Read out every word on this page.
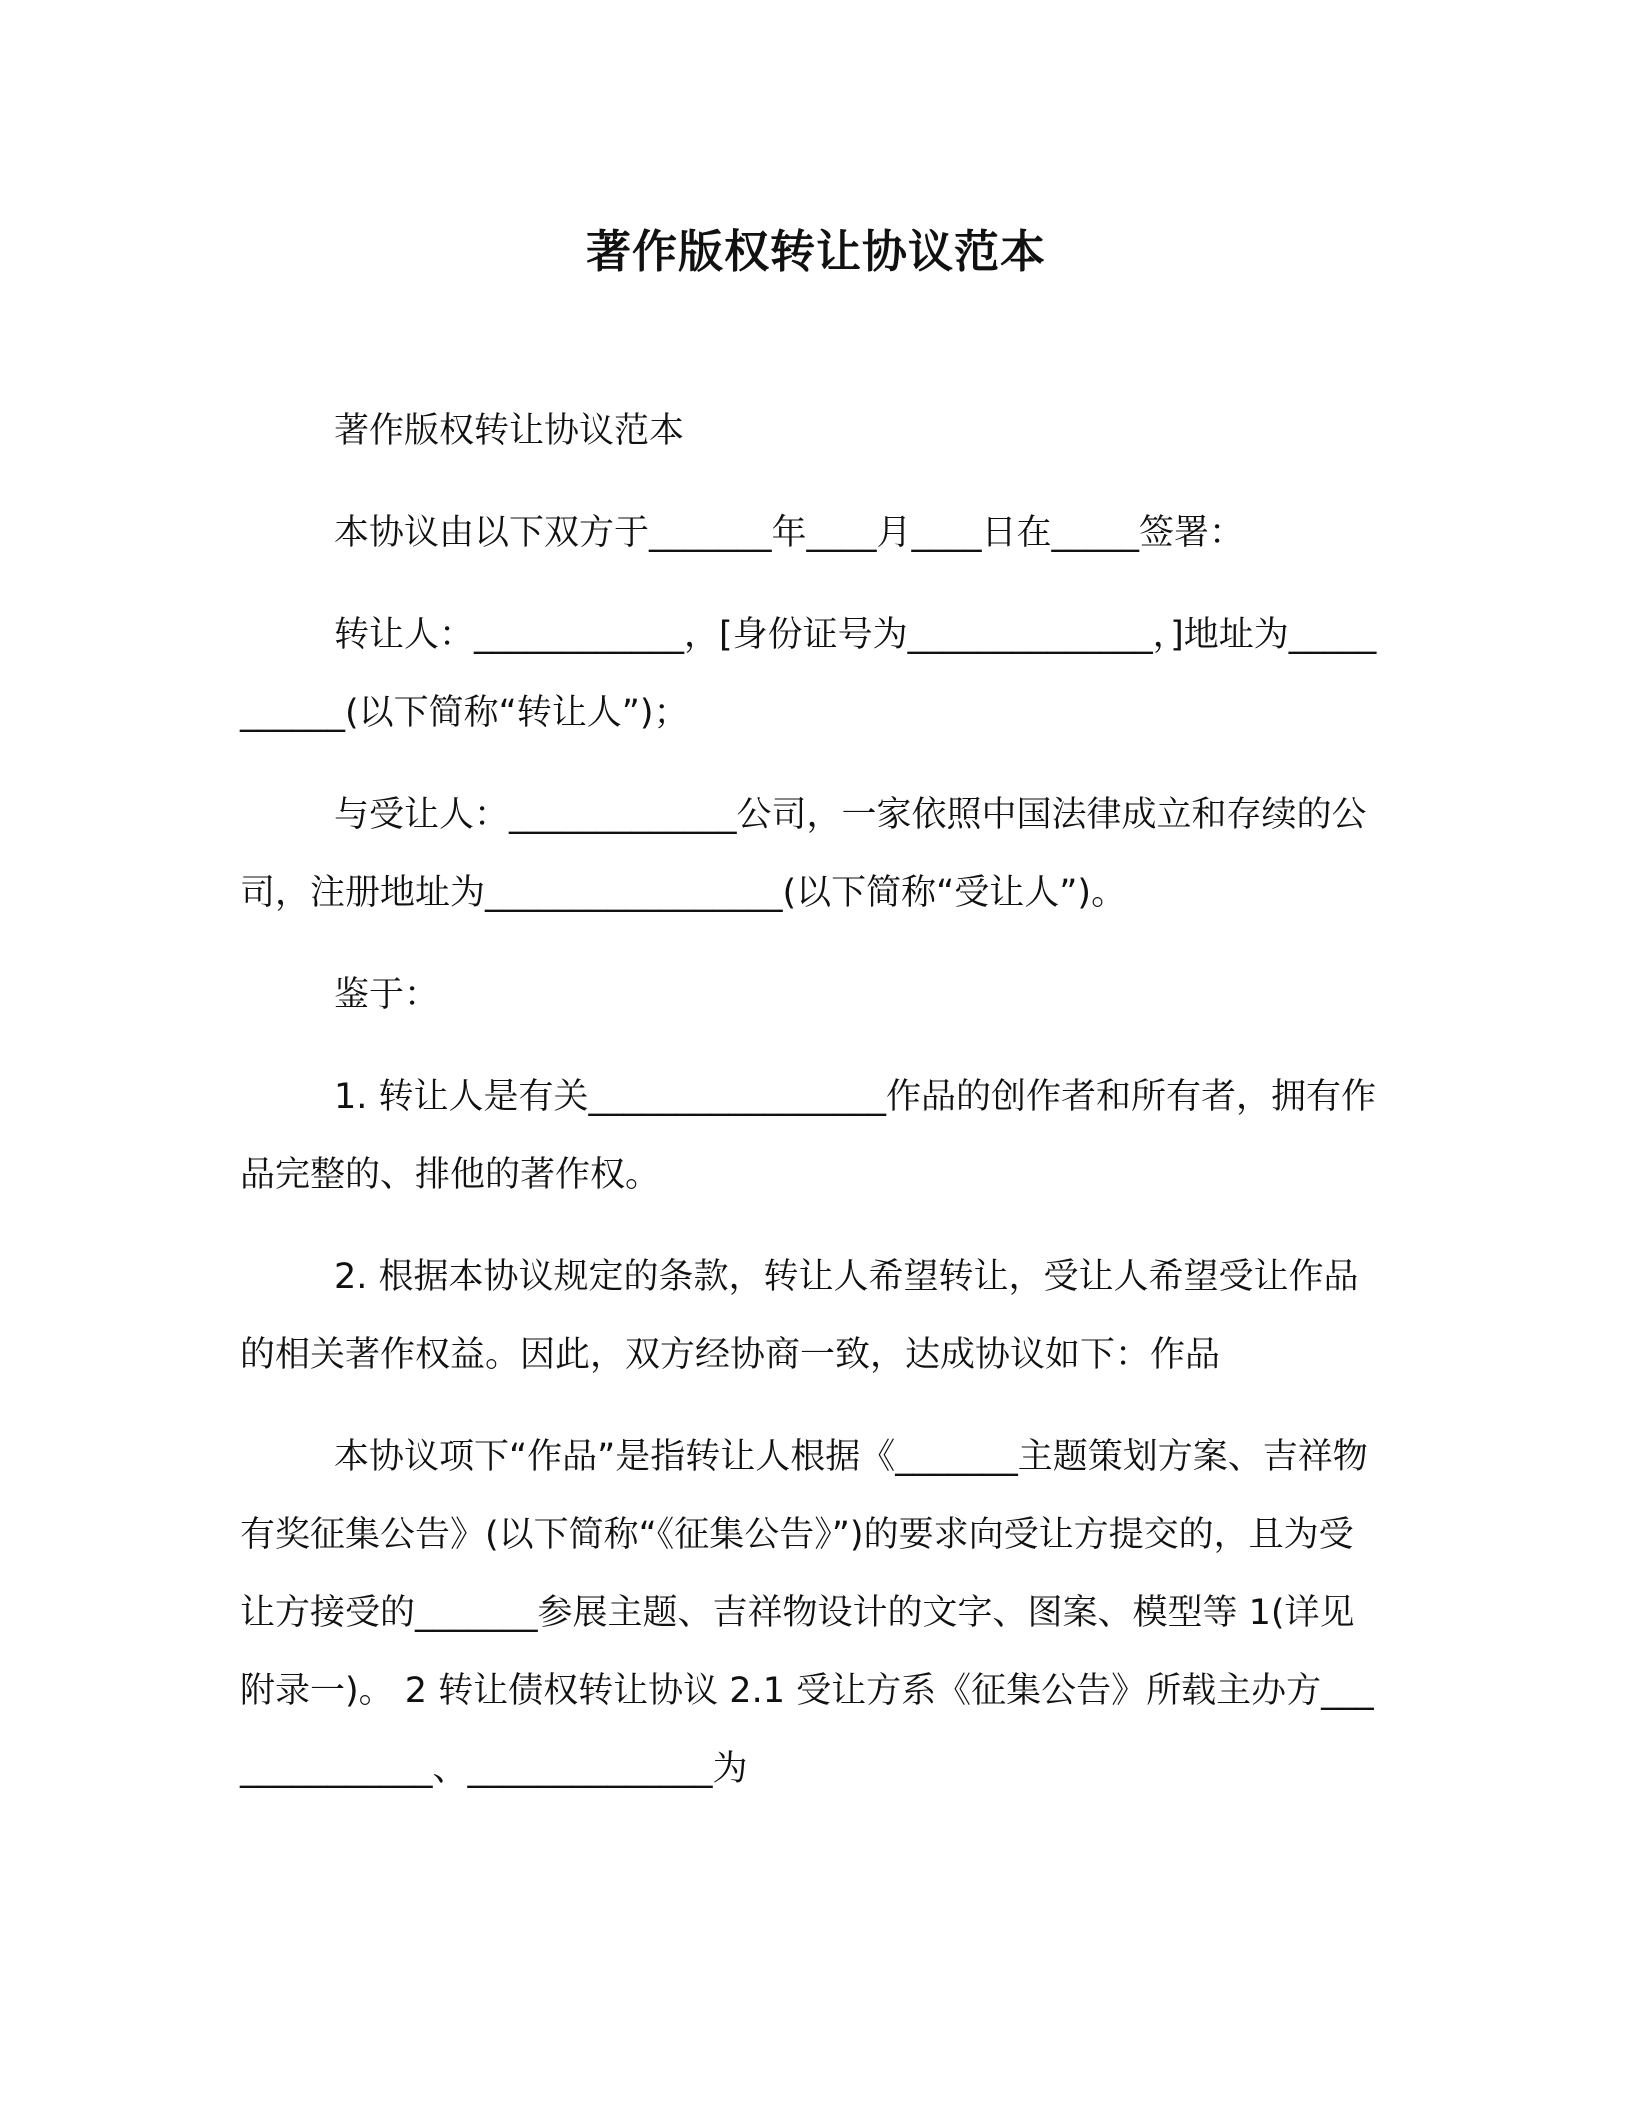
著作版权转让协议范本

著作版权转让协议范本

本协议由以下双方于_______年____月____日在_____签署：

转让人：____________，[身份证号为______________，]地址为___________(以下简称“转让人”)；

与受让人：_____________公司，一家依照中国法律成立和存续的公司，注册地址为_________________(以下简称“受让人”)。

鉴于：

1. 转让人是有关_________________作品的创作者和所有者，拥有作品完整的、排他的著作权。

2. 根据本协议规定的条款，转让人希望转让，受让人希望受让作品的相关著作权益。因此，双方经协商一致，达成协议如下：作品

本协议项下“作品”是指转让人根据《_______主题策划方案、吉祥物有奖征集公告》(以下简称“《征集公告》”)的要求向受让方提交的，且为受让方接受的_______参展主题、吉祥物设计的文字、图案、模型等 1(详见附录一)。 2 转让债权转让协议 2.1 受让方系《征集公告》所载主办方______________、______________为
